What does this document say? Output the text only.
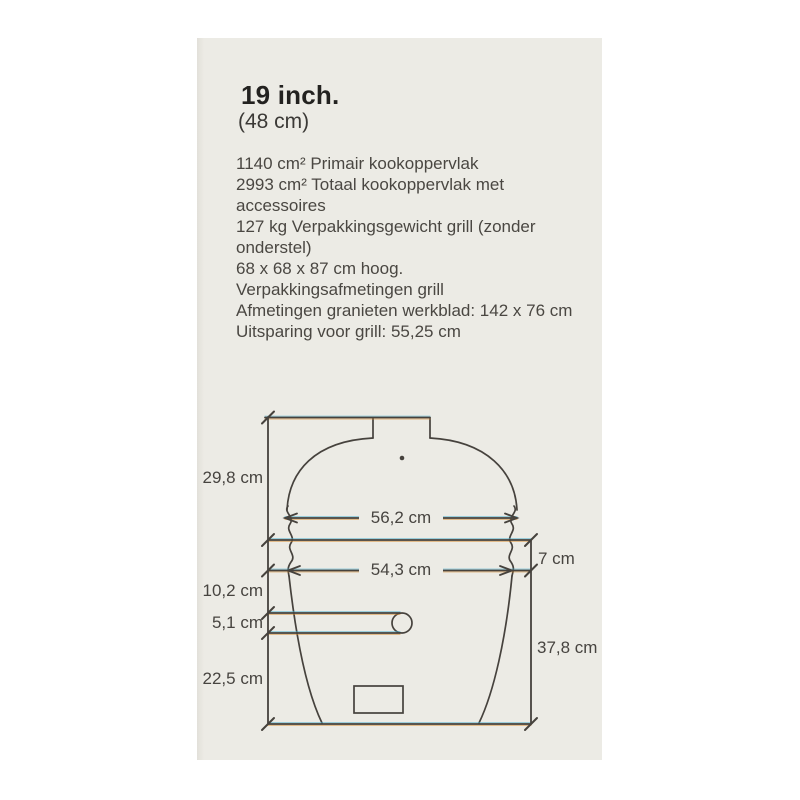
19 inch.
(48 cm)
1140 cm² Primair kookoppervlak
2993 cm² Totaal kookoppervlak met
accessoires
127 kg Verpakkingsgewicht grill (zonder
onderstel)
68 x 68 x 87 cm hoog.
Verpakkingsafmetingen grill
Afmetingen granieten werkblad: 142 x 76 cm
Uitsparing voor grill: 55,25 cm
29,8 cm
56,2 cm
7 cm
54,3 cm
10,2 cm
5,1 cm
22,5 cm
37,8 cm
